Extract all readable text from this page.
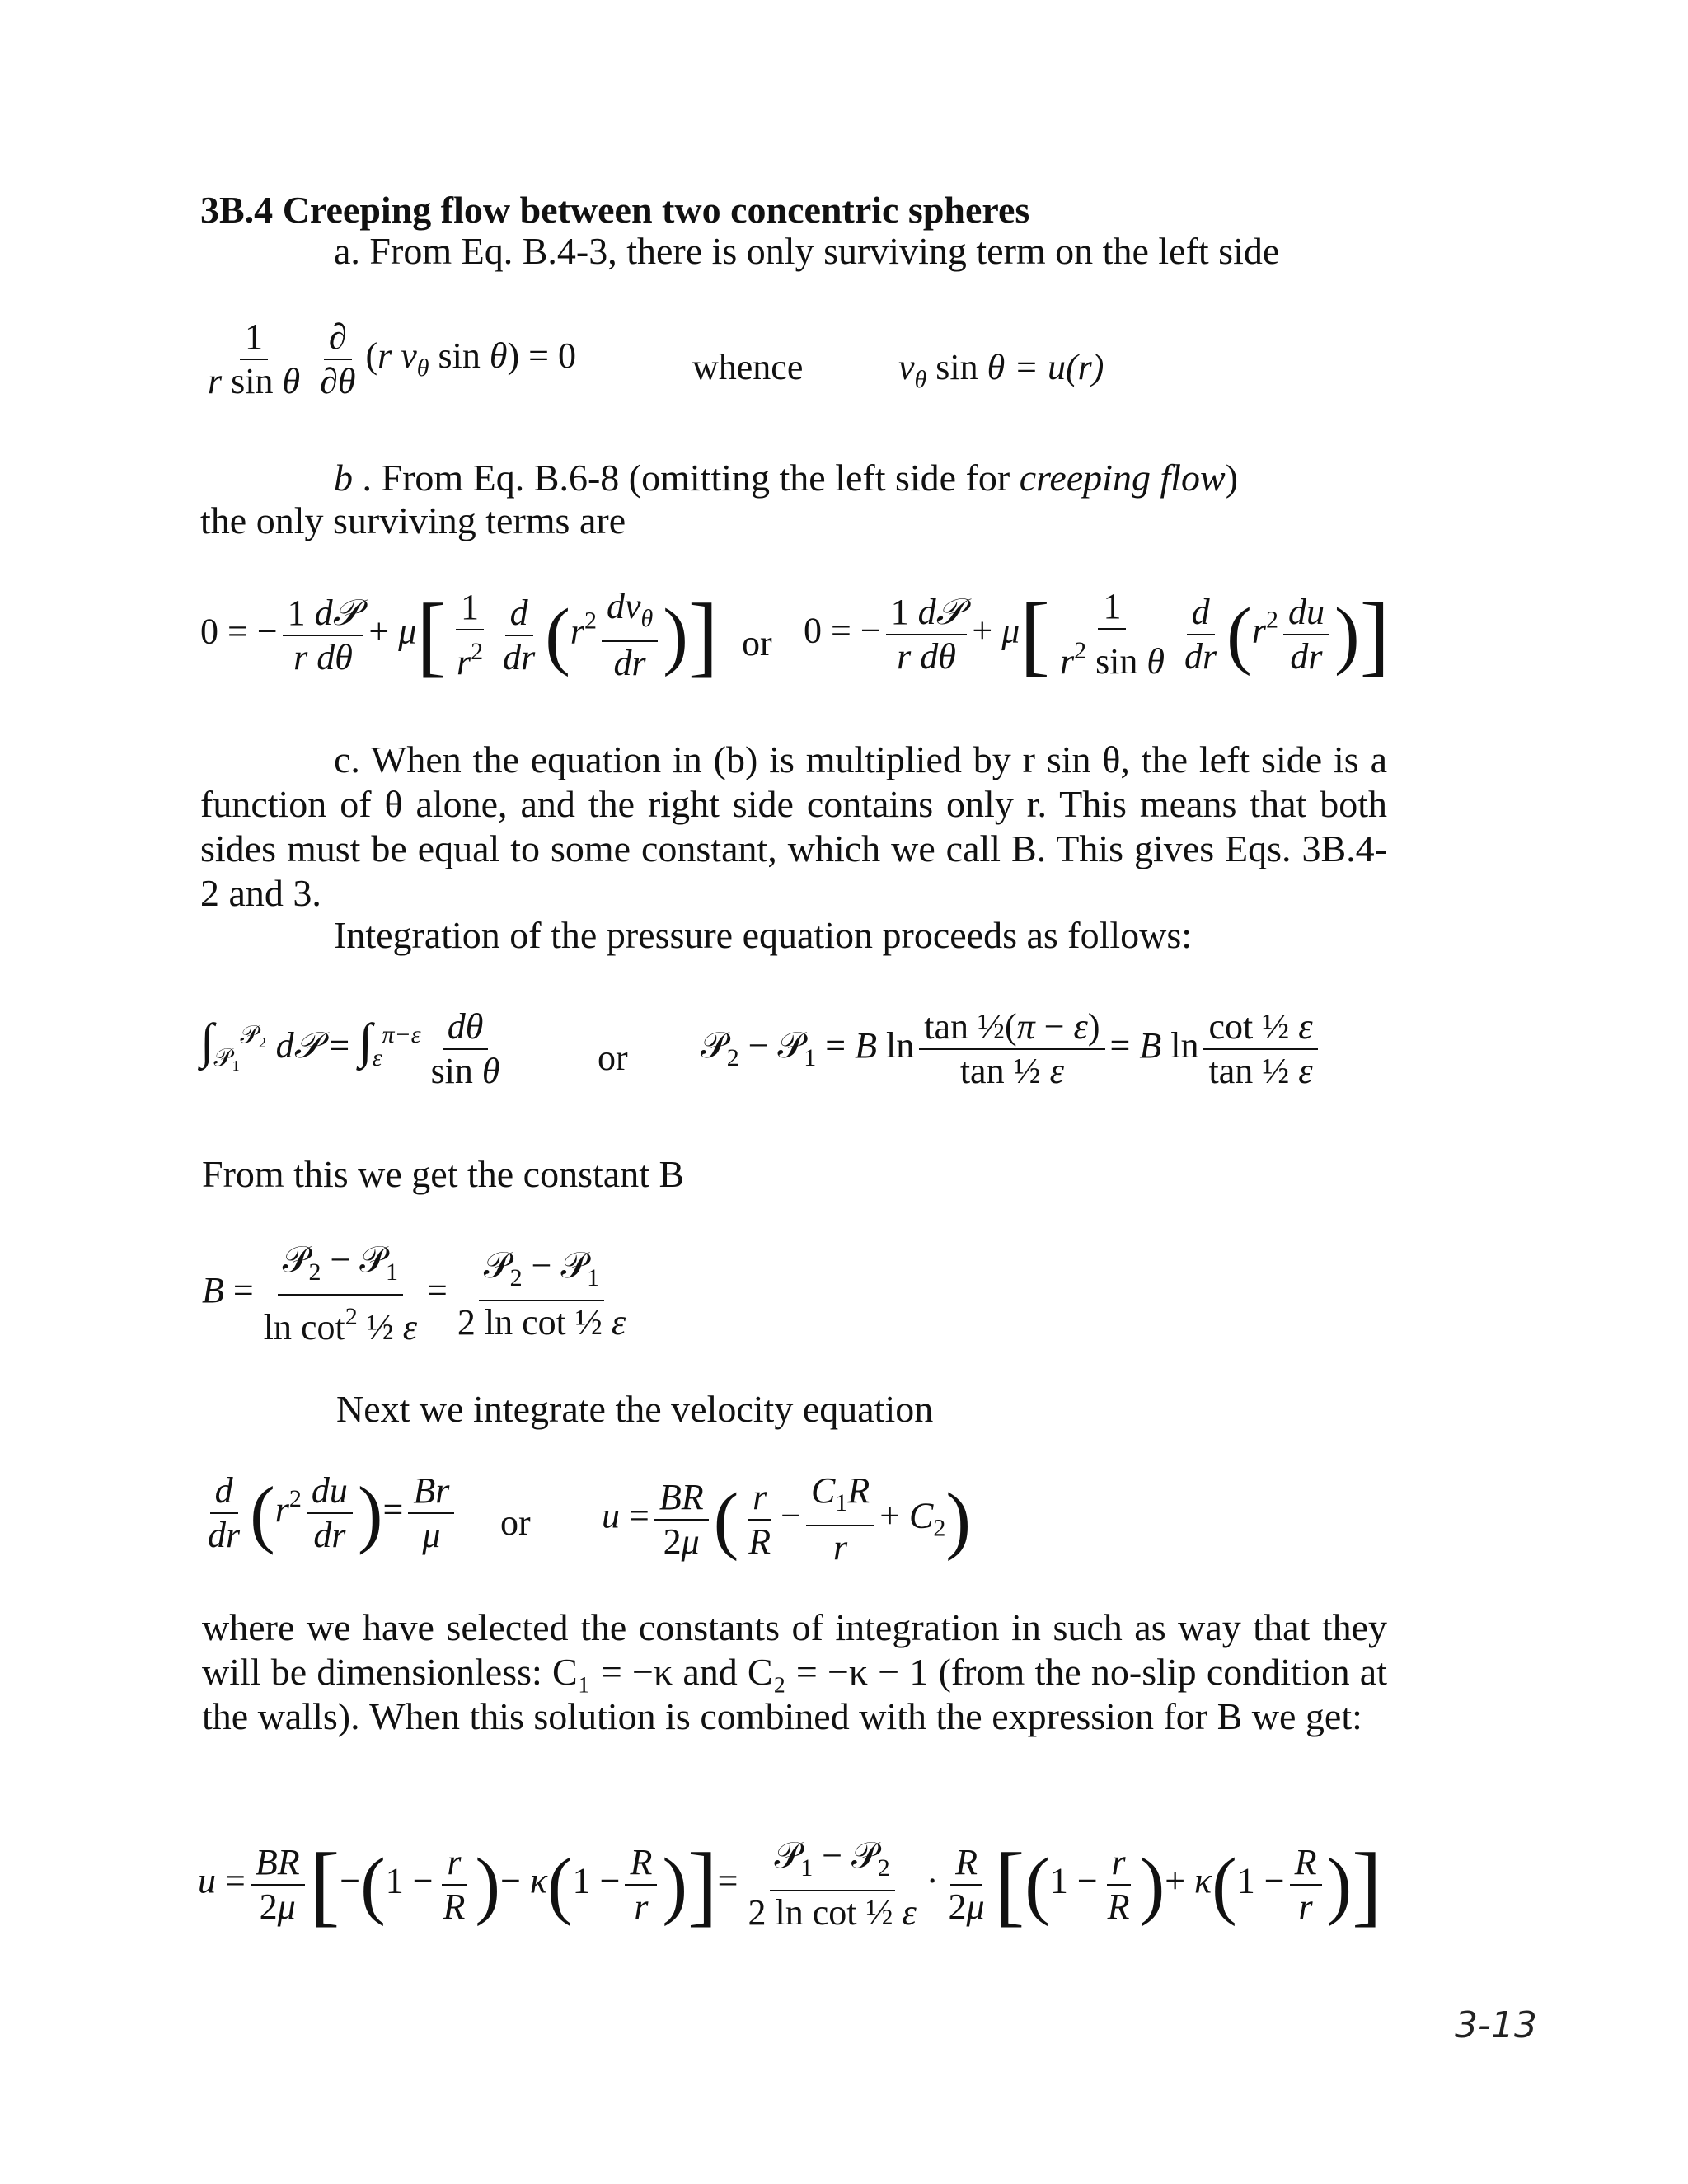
3B.4 Creeping flow between two concentric spheres
a. From Eq. B.4-3, there is only surviving term on the left side
$\frac{1}{\text{r sin θ}} \frac{\partial}{\partial\theta} (r$ $v_\theta$ sin θ) = 0	whence	$v_\theta$ sin θ = u(r)
b . From Eq. B.6-8 (omitting the left side for creeping flow)
the only surviving terms are
0 = − $\frac{\text{1 d𝒫}}{\text{r dθ}} + \mu[ \frac{1}{r^2} \frac{d}{dr} (r^2 \frac{dv_\theta}{dr}$ )] or 0 = − $\frac{\text{1 d𝒫}}{\text{r dθ}} + \mu[ \frac{1}{r^2 \sin \theta} \frac{d}{dr} (r^2 \frac{du}{dr}$ )]
c. When the equation in (b) is multiplied by r sin θ, the left side is a function of θ alone, and the right side contains only r. This means that both sides must be equal to some constant, which we call B. This gives Eqs. 3B.4-2 and 3.
Integration of the pressure equation proceeds as follows:
$\int_{𝒫_1}^{𝒫_2}$ d𝒫 = $\int_\varepsilon^{\pi-\varepsilon} \frac{d\theta}{\text{sin θ}}$	or 𝒫$_2$ − 𝒫$_1$ = B $\ln \frac{\text{tan ½(π − ε)}}{\text{tan ½ ε}} = B$ $\ln \frac{\text{cot ½ ε}}{\text{tan ½ ε}}$
From this we get the constant B
$B = \frac{𝒫_2 - 𝒫_1}{\ln \cot^2 \frac{1}{2} \varepsilon} = \frac{𝒫_2 - 𝒫_1}{\text{2 ln cot ½ ε}}$
Next we integrate the velocity equation
$\frac{d}{dr} (r^2 \frac{du}{dr}$ )= $\frac{Br}{\mu}$ or $u = \frac{BR}{2\mu}$ ( $\frac{r}{R} - \frac{C_1R}{r} + C_2$)
where we have selected the constants of integration in such as way that they will be dimensionless: C₁ = −κ and C₂ = −κ − 1 (from the no-slip condition at the walls). When this solution is combined with the expression for B we get:
$u = \frac{BR}{2\mu} [-(1 - \frac{r}{R}$ )− $\kappa(1 - \frac{R}{r}$ )]= $\frac{𝒫_1 - 𝒫_2}{\text{2 ln cot ½ ε}} \cdot \frac{R}{2\mu} [(1 - \frac{r}{R}$ )+ $\kappa(1 - \frac{R}{r}$ )]
3-13
